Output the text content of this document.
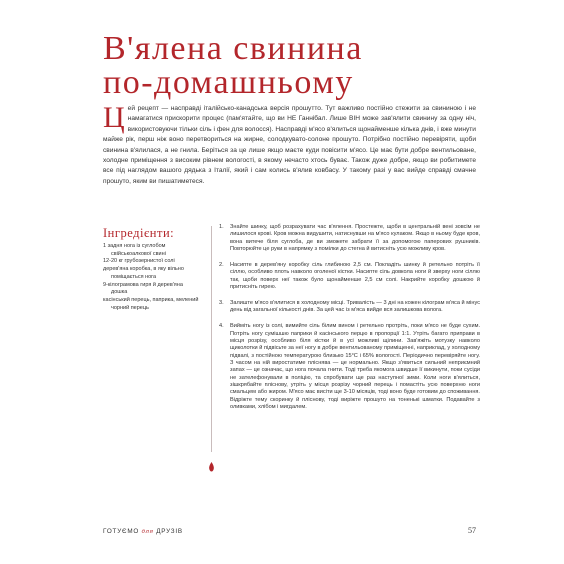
В'ялена свинина
по-домашньому
Цей рецепт — насправді італійсько-канадська версія прошутто. Тут важливо постійно стежити за свининою і не намагатися прискорити процес (пам'ятайте, що ви НЕ Ганнібал. Лише ВІН може зав'ялити свинину за одну ніч, використовуючи тільки сіль і фен для волосся). Насправді м'ясо в'ялиться щонайменше кілька днів, і вже минути майже рік, перш ніж воно перетвориться на жирне, солодкувато-солоне прошуто. Потрібно постійно перевіряти, щоби свинина в'ялилася, а не гнила. Беріться за це лише якщо маєте куди повісити м'ясо. Це має бути добре вентильоване, холодне приміщення з високим рівнем вологості, в якому нечасто хтось буває. Також дуже добре, якщо ви робитимете все під наглядом вашого дядька з Італії, який і сам колись в'ялив ковбасу. У такому разі у вас вийде справді смачне прошуто, яким ви пишатиметеся.
Інгредієнти:
1 задня нога із суглобом свійськоалкової свині
12-20 кг грубозернистої солі
дерев'яна коробка, в яку вільно поміщається нога
9-кілограмова гиря й дерев'яна дошка
касінський перець, паприка, мелений чорний перець
1.	Знайте шинку, щоб розрахувати час в'ялення. Простежте, щоби в центральній вені зовсім не лишилося крові. Кров можна видушити, натиснувши на м'ясо кулаком. Якщо в ньому буде кров, вона витече біля суглоба, де ви зможете забрати її за допомогою паперових рушників. Повторюйте це руки в напрямку з помілки до стегна й витисніть усю можливу кров.
2.	Насипте в дерев'яну коробку сіль глибиною 2,5 см. Покладіть шинку й ретельно потріть її сіллю, особливо плоть навколо оголеної кістки. Насипте сіль довкола ноги й зверху ноги сіллю так, щоби поверх неї також було щонайменше 2,5 см солі. Накрийте коробку дошкою й притисніть гирею.
3.	Залиште м'ясо в'ялитися в холодному місці. Тривалість — 3 дні на кожен кілограм м'яса й мінус день від загальної кількості днів. За цей час із м'яса вийде вся залишкова волога.
4.	Вийміть ногу із солі, вимийте сіль білим вином і ретельно протріть, поки м'ясо не буде сухим. Потріть ногу сумішшю паприки й касінського перцю в пропорції 1:1. Утріть багато приправи в місця розрізу, особливо біля кістки й в усі можливі щілини. Зав'яжіть мотузку навколо щиколотки й підвісьте за неї ногу в добре вентильованому приміщенні, наприклад, у холодному підвалі, з постійною температурою близько 15°C і 65% вологості. Періодично перевіряйте ногу. З часом на ній виростатиме пліснява — це нормально. Якщо з'явиться сильний неприємний запах — це означає, що нога почала гнити. Тоді треба якомога швидше її викинути, поки сусіди не зателефонували в поліцію, та спробувати ще раз наступної зими. Коли ноги в'ялиться, зішкрябайте пліснову, утріть у місця розрізу чорний перець і помастіть усю поверхню ноги смальцем або жиром. М'ясо має висіти ще 3-10 місяців, тоді воно буде готовим до споживання. Відріжте тему скоринку й пліснову, тоді виріжте прошуто на тоненькі шматки. Подавайте з оливками, хлібом і мигдалем.
ГОТУЄМО для ДРУЗІВ	57
